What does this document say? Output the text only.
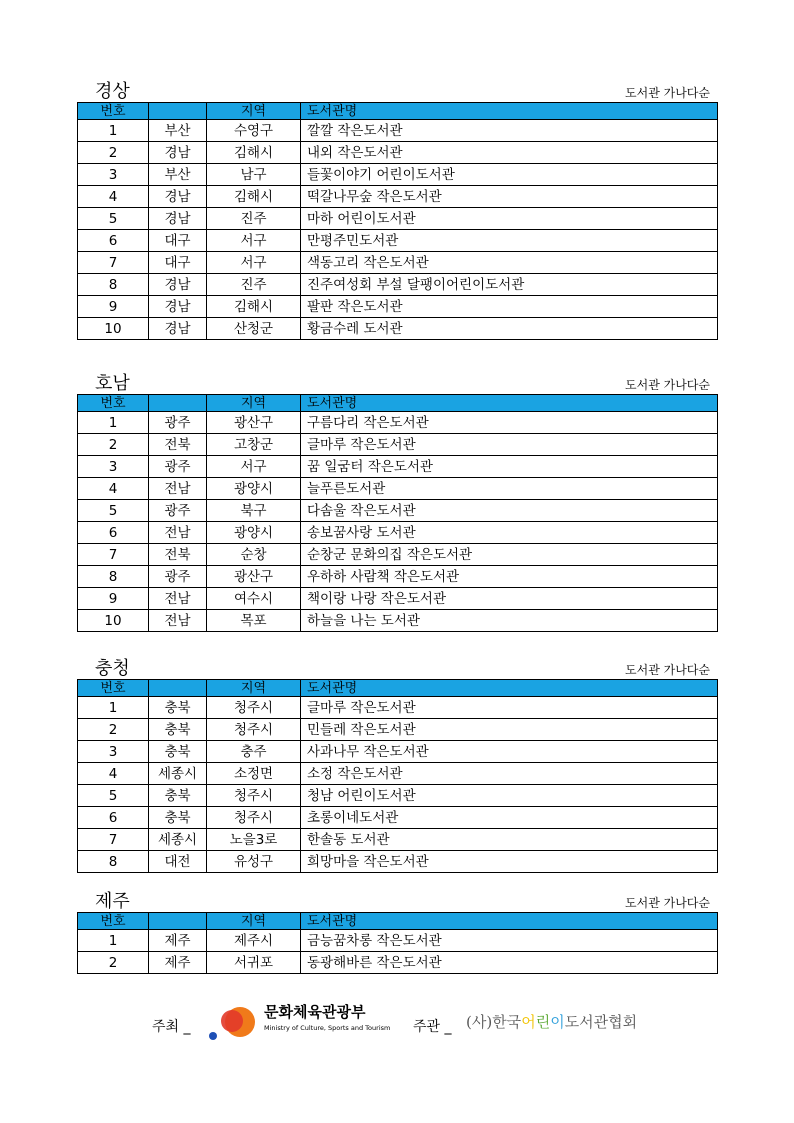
경상	도서관 가나다순
번호		지역	도서관명
1	부산	수영구	깔깔 작은도서관
2	경남	김해시	내외 작은도서관
3	부산	남구	들꽃이야기 어린이도서관
4	경남	김해시	떡갈나무숲 작은도서관
5	경남	진주	마하 어린이도서관
6	대구	서구	만평주민도서관
7	대구	서구	색동고리 작은도서관
8	경남	진주	진주여성회 부설 달팽이어린이도서관
9	경남	김해시	팔판 작은도서관
10	경남	산청군	황금수레 도서관
호남	도서관 가나다순
번호		지역	도서관명
1	광주	광산구	구름다리 작은도서관
2	전북	고창군	글마루 작은도서관
3	광주	서구	꿈 일굼터 작은도서관
4	전남	광양시	늘푸른도서관
5	광주	북구	다솜울 작은도서관
6	전남	광양시	송보꿈사랑 도서관
7	전북	순창	순창군 문화의집 작은도서관
8	광주	광산구	우하하 사람책 작은도서관
9	전남	여수시	책이랑 나랑 작은도서관
10	전남	목포	하늘을 나는 도서관
충청	도서관 가나다순
번호		지역	도서관명
1	충북	청주시	글마루 작은도서관
2	충북	청주시	민들레 작은도서관
3	충북	충주	사과나무 작은도서관
4	세종시	소정면	소정 작은도서관
5	충북	청주시	청남 어린이도서관
6	충북	청주시	초롱이네도서관
7	세종시	노을3로	한솔동 도서관
8	대전	유성구	희망마을 작은도서관
제주	도서관 가나다순
번호		지역	도서관명
1	제주	제주시	금능꿈차롱 작은도서관
2	제주	서귀포	동광해바른 작은도서관
주최 _
문화체육관광부
Ministry of Culture, Sports and Tourism 주관 _ (사)한국어린이도서관협회
